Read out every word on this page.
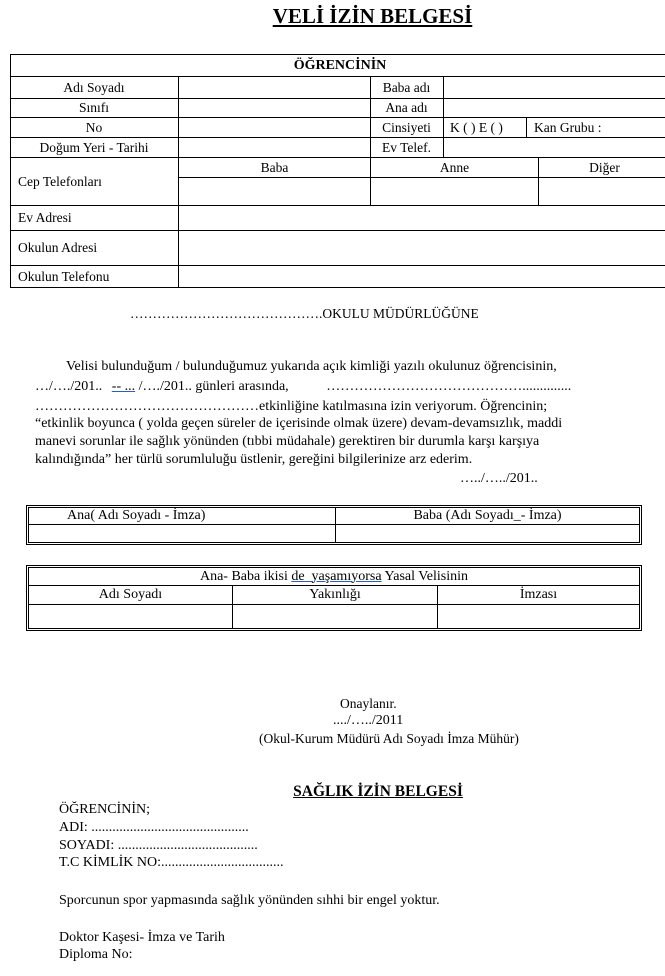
VELİ İZİN BELGESİ
ÖĞRENCİNİN
Adı Soyadı	Baba adı
Sınıfı	Ana adı
No	Cinsiyeti	K ( ) E ( )	Kan Grubu :
Doğum Yeri - Tarihi	Ev Telef.
Cep Telefonları
Baba	Anne	Diğer
Ev Adresi
Okulun Adresi
Okulun Telefonu
…………………………………….OKULU MÜDÜRLÜĞÜNE
Velisi bulunduğum / bulunduğumuz yukarıda açık kimliği yazılı okulunuz öğrencisinin,
…/…./201.. -- ... /…./201.. günleri arasında,	……………………………………..............
…………………………………………etkinliğine katılmasına izin veriyorum. Öğrencinin;
“etkinlik boyunca ( yolda geçen süreler de içerisinde olmak üzere) devam-devamsızlık, maddi
manevi sorunlar ile sağlık yönünden (tıbbi müdahale) gerektiren bir durumla karşı karşıya
kalındığında” her türlü sorumluluğu üstlenir, gereğini bilgilerinize arz ederim.
…../…../201..
Ana( Adı Soyadı - İmza)	Baba (Adı Soyadı_- İmza)
Ana- Baba ikisi de  yaşamıyorsa Yasal Velisinin
Adı Soyadı	Yakınlığı	İmzası
Onaylanır.
..../…../2011
(Okul-Kurum Müdürü Adı Soyadı İmza Mühür)
SAĞLIK İZİN BELGESİ
ÖĞRENCİNİN;
ADI: .............................................
SOYADI: ........................................
T.C KİMLİK NO:...................................
Sporcunun spor yapmasında sağlık yönünden sıhhi bir engel yoktur.
Doktor Kaşesi- İmza ve Tarih
Diploma No:
